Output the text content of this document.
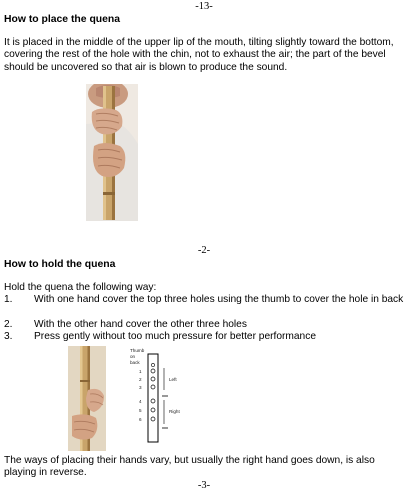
-13-
How to place the quena
It is placed in the middle of the upper lip of the mouth, tilting slightly toward the bottom, covering the rest of the hole with the chin, not to exhaust the air; the part of the bevel should be uncovered so that air is blown to produce the sound.
-2-
How to hold the quena
Hold the quena the following way:
1. With one hand cover the top three holes using the thumb to cover the hole in back
2. With the other hand cover the other three holes
3. Press gently without too much pressure for better performance
Thumb
on
back
1
2
3
4
5
6
Left
Right
The ways of placing their hands vary, but usually the right hand goes down, is also playing in reverse.
-3-
